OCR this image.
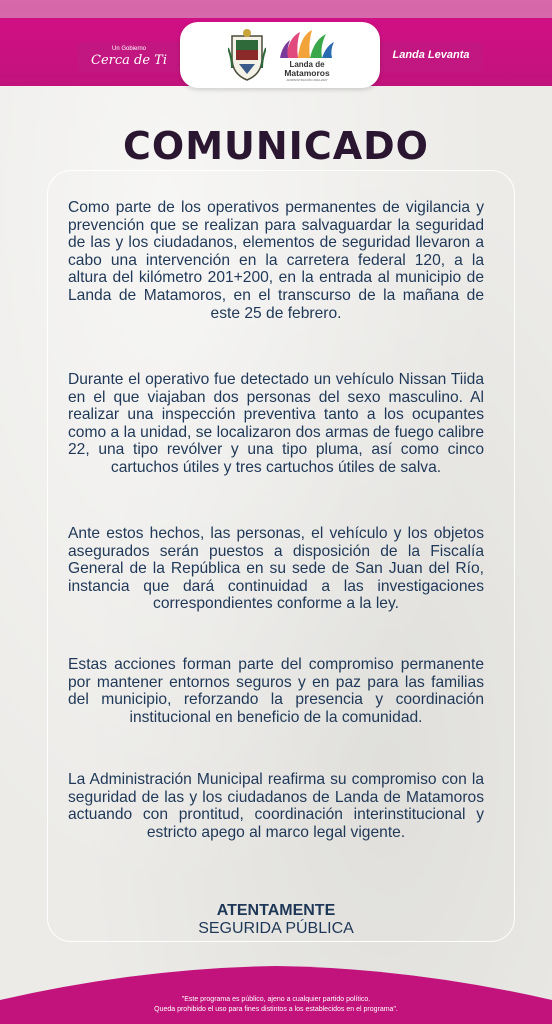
Un Gobierno
Cerca de Ti	Landa Levanta
Landa de
Matamoros
ADMINISTRACIÓN 2024-2027
COMUNICADO
Como parte de los operativos permanentes de vigilancia y prevención que se realizan para salvaguardar la seguridad de las y los ciudadanos, elementos de seguridad llevaron a cabo una intervención en la carretera federal 120, a la altura del kilómetro 201+200, en la entrada al municipio de Landa de Matamoros, en el transcurso de la mañana de este 25 de febrero.
Durante el operativo fue detectado un vehículo Nissan Tiida en el que viajaban dos personas del sexo masculino. Al realizar una inspección preventiva tanto a los ocupantes como a la unidad, se localizaron dos armas de fuego calibre 22, una tipo revólver y una tipo pluma, así como cinco cartuchos útiles y tres cartuchos útiles de salva.
Ante estos hechos, las personas, el vehículo y los objetos asegurados serán puestos a disposición de la Fiscalía General de la República en su sede de San Juan del Río, instancia que dará continuidad a las investigaciones correspondientes conforme a la ley.
Estas acciones forman parte del compromiso permanente por mantener entornos seguros y en paz para las familias del municipio, reforzando la presencia y coordinación institucional en beneficio de la comunidad.
La Administración Municipal reafirma su compromiso con la seguridad de las y los ciudadanos de Landa de Matamoros actuando con prontitud, coordinación interinstitucional y estricto apego al marco legal vigente.
ATENTAMENTE
SEGURIDA PÚBLICA
"Este programa es público, ajeno a cualquier partido político.
Queda prohibido el uso para fines distintos a los establecidos en el programa".
